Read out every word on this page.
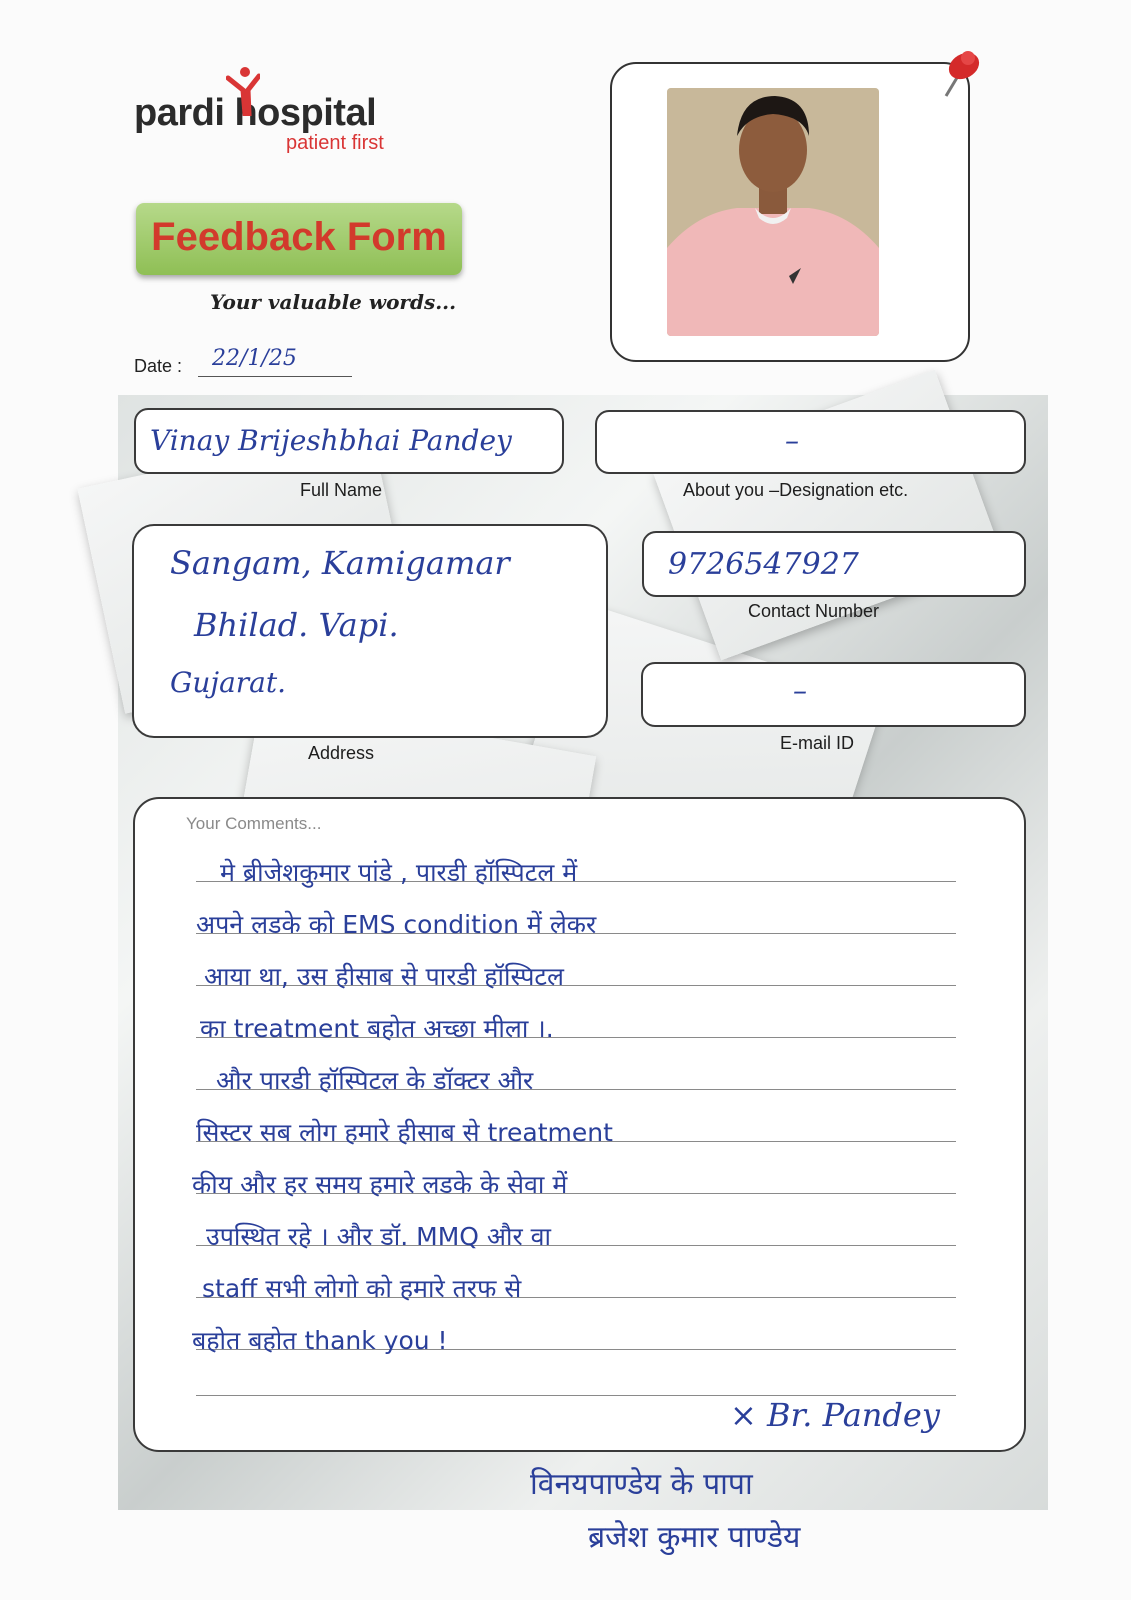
pardi hospital
patient first
Feedback Form
Your valuable words...
Date : 22/1/25
Vinay Brijeshbhai Pandey
Full Name
–
About you –Designation etc.
Sangam, Kamigamar
Bhilad. Vapi.
Gujarat.
Address
9726547927
Contact Number
–
E-mail ID
Your Comments...
मे ब्रीजेशकुमार पांडे , पारडी हॉस्पिटल में
अपने लडके को EMS condition में लेकर
आया था, उस हीसाब से पारडी हॉस्पिटल
का treatment बहोत अच्छा मीला ।.
और पारडी हॉस्पिटल के डॉक्टर और
सिस्टर सब लोग हमारे हीसाब से treatment
कीय और हर समय हमारे लडके के सेवा में
उपस्थित रहे । और डॉ. MMQ और वा
staff सभी लोगो को हमारे तरफ से
बहोत बहोत thank you !
× Br. Pandey
विनयपाण्डेय के पापा
ब्रजेश कुमार पाण्डेय
